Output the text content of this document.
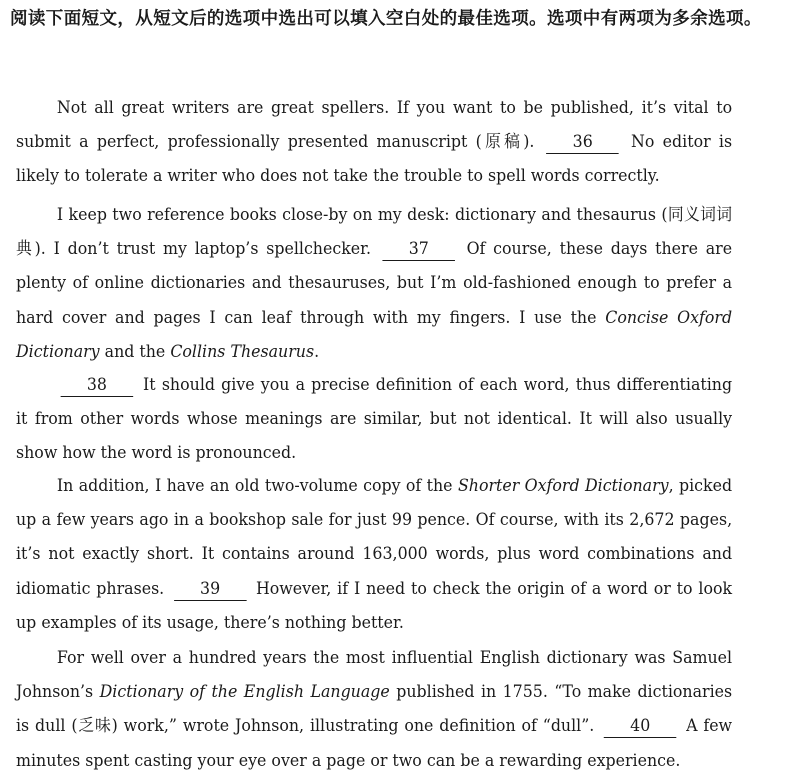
阅读下面短文，从短文后的选项中选出可以填入空白处的最佳选项。选项中有两项为多余选项。
Not all great writers are great spellers. If you want to be published, it’s vital to submit a perfect, professionally presented manuscript (原稿). 36 No editor is likely to tolerate a writer who does not take the trouble to spell words correctly.
I keep two reference books close-by on my desk: dictionary and thesaurus (同义词词典). I don’t trust my laptop’s spellchecker. 37 Of course, these days there are plenty of online dictionaries and thesauruses, but I’m old-fashioned enough to prefer a hard cover and pages I can leaf through with my fingers. I use the Concise Oxford Dictionary and the Collins Thesaurus.
38 It should give you a precise definition of each word, thus differentiating it from other words whose meanings are similar, but not identical. It will also usually show how the word is pronounced.
In addition, I have an old two-volume copy of the Shorter Oxford Dictionary, picked up a few years ago in a bookshop sale for just 99 pence. Of course, with its 2,672 pages, it’s not exactly short. It contains around 163,000 words, plus word combinations and idiomatic phrases. 39 However, if I need to check the origin of a word or to look up examples of its usage, there’s nothing better.
For well over a hundred years the most influential English dictionary was Samuel Johnson’s Dictionary of the English Language published in 1755. “To make dictionaries is dull (乏味) work,” wrote Johnson, illustrating one definition of “dull”. 40 A few minutes spent casting your eye over a page or two can be a rewarding experience.
